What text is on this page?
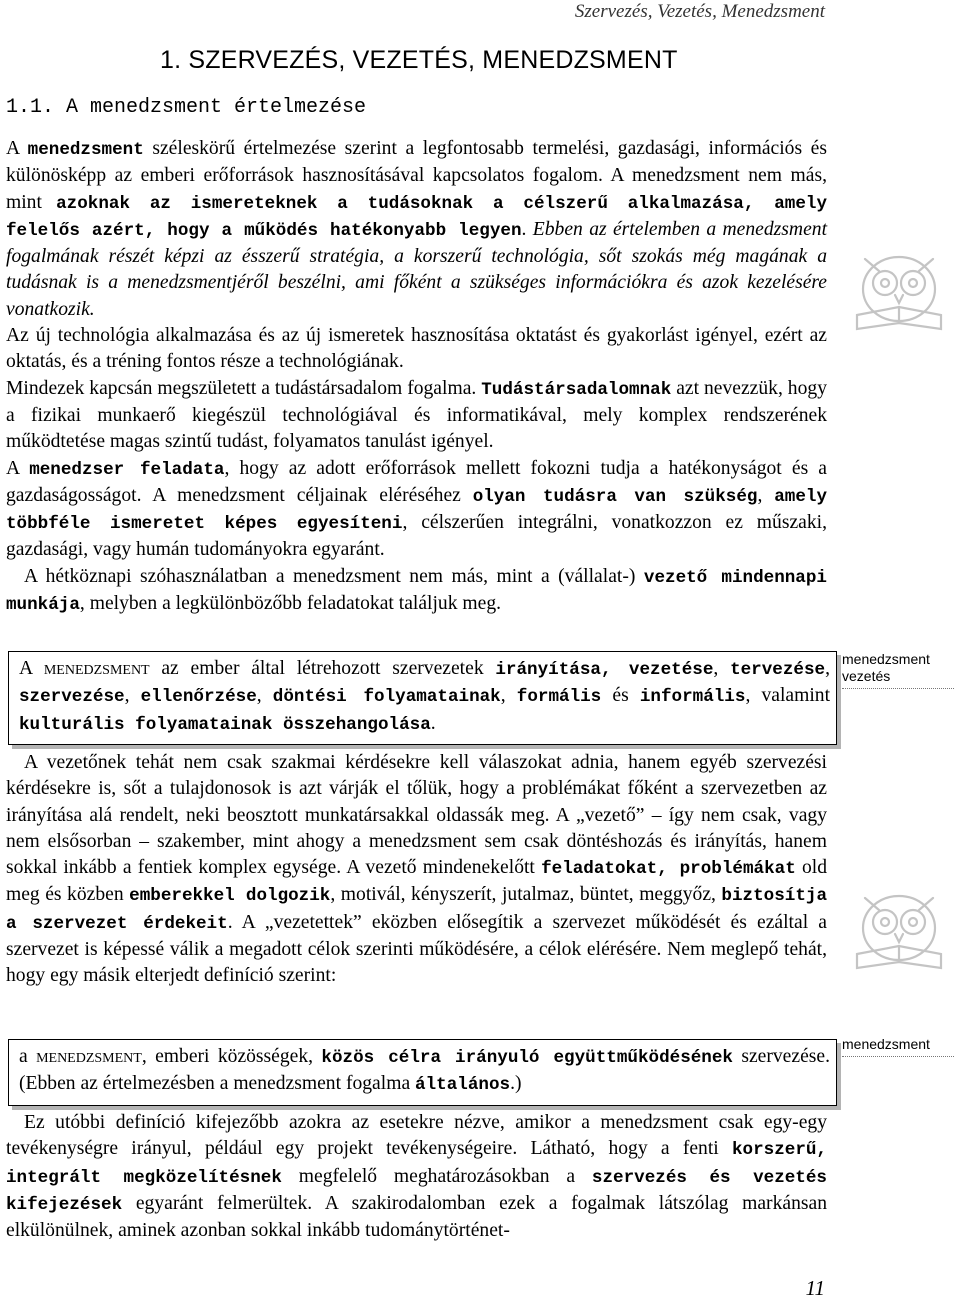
Szervezés, Vezetés, Menedzsment
1. SZERVEZÉS, VEZETÉS, MENEDZSMENT
1.1. A menedzsment értelmezése

A menedzsment széleskörű értelmezése szerint a legfontosabb termelési, gazdasági, információs és különösképp az emberi erőforrások hasznosításával kapcsolatos fogalom. A menedzsment nem más, mint azoknak az ismereteknek a tudásoknak a célszerű alkalmazása, amely felelős azért, hogy a működés hatékonyabb legyen. Ebben az értelemben a menedzsment fogalmának részét képzi az ésszerű stratégia, a korszerű technológia, sőt szokás még magának a tudásnak is a menedzsmentjéről beszélni, ami főként a szükséges információkra és azok kezelésére vonatkozik.

Az új technológia alkalmazása és az új ismeretek hasznosítása oktatást és gyakorlást igényel, ezért az oktatás, és a tréning fontos része a technológiának.

Mindezek kapcsán megszületett a tudástársadalom fogalma. Tudástársadalomnak azt nevezzük, hogy a fizikai munkaerő kiegészül technológiával és informatikával, mely komplex rendszerének működtetése magas szintű tudást, folyamatos tanulást igényel.

A menedzser feladata, hogy az adott erőforrások mellett fokozni tudja a hatékonyságot és a gazdaságosságot. A menedzsment céljainak eléréséhez olyan tudásra van szükség, amely többféle ismeretet képes egyesíteni, célszerűen integrálni, vonatkozzon ez műszaki, gazdasági, vagy humán tudományokra egyaránt.

A hétköznapi szóhasználatban a menedzsment nem más, mint a (vállalat-) vezető mindennapi munkája, melyben a legkülönbözőbb feladatokat találjuk meg.

A menedzsment az ember által létrehozott szervezetek irányítása, vezetése, tervezése, szervezése, ellenőrzése, döntési folyamatainak, formális és informális, valamint kulturális folyamatainak összehangolása.

A vezetőnek tehát nem csak szakmai kérdésekre kell válaszokat adnia, hanem egyéb szervezési kérdésekre is, sőt a tulajdonosok is azt várják el tőlük, hogy a problémákat főként a szervezetben az irányítása alá rendelt, neki beosztott munkatársakkal oldassák meg. A „vezető” – így nem csak, vagy nem elsősorban – szakember, mint ahogy a menedzsment sem csak döntéshozás és irányítás, hanem sokkal inkább a fentiek komplex egysége. A vezető mindenekelőtt feladatokat, problémákat old meg és közben emberekkel dolgozik, motivál, kényszerít, jutalmaz, büntet, meggyőz, biztosítja a szervezet érdekeit. A „vezetettek” eközben elősegítik a szervezet működését és ezáltal a szervezet is képessé válik a megadott célok szerinti működésére, a célok elérésére. Nem meglepő tehát, hogy egy másik elterjedt definíció szerint:

a menedzsment, emberi közösségek, közös célra irányuló együttműködésének szervezése. (Ebben az értelmezésben a menedzsment fogalma általános.)

Ez utóbbi definíció kifejezőbb azokra az esetekre nézve, amikor a menedzsment csak egy-egy tevékenységre irányul, például egy projekt tevékenységeire. Látható, hogy a fenti korszerű, integrált megközelítésnek megfelelő meghatározásokban a szervezés és vezetés kifejezések egyaránt felmerültek. A szakirodalomban ezek a fogalmak látszólag markánsan elkülönülnek, aminek azonban sokkal inkább tudománytörténet-

menedzsment
vezetés
menedzsment
11
